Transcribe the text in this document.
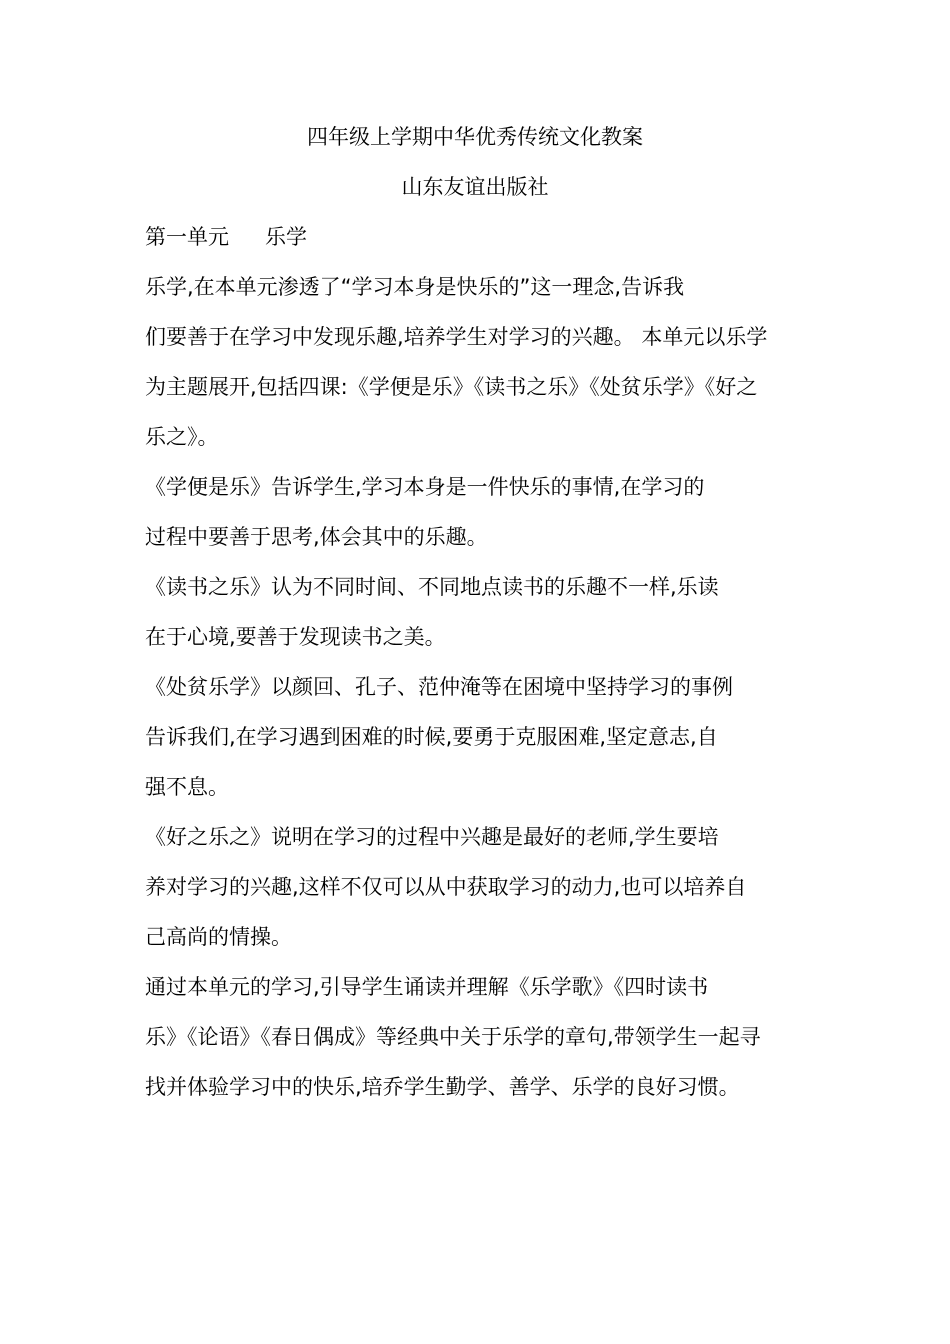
四年级上学期中华优秀传统文化教案
山东友谊出版社
第一单元 乐学
乐学,在本单元渗透了“学习本身是快乐的”这一理念,告诉我
们要善于在学习中发现乐趣,培养学生对学习的兴趣。 本单元以乐学
为主题展开,包括四课:《学便是乐》《读书之乐》《处贫乐学》《好之
乐之》。
《学便是乐》告诉学生,学习本身是一件快乐的事情,在学习的
过程中要善于思考,体会其中的乐趣。
《读书之乐》认为不同时间、不同地点读书的乐趣不一样,乐读
在于心境,要善于发现读书之美。
《处贫乐学》以颜回、孔子、范仲淹等在困境中坚持学习的事例
告诉我们,在学习遇到困难的时候,要勇于克服困难,坚定意志,自
强不息。
《好之乐之》说明在学习的过程中兴趣是最好的老师,学生要培
养对学习的兴趣,这样不仅可以从中获取学习的动力,也可以培养自
己高尚的情操。
通过本单元的学习,引导学生诵读并理解《乐学歌》《四时读书
乐》《论语》《春日偶成》等经典中关于乐学的章句,带领学生一起寻
找并体验学习中的快乐,培乔学生勤学、善学、乐学的良好习惯。
